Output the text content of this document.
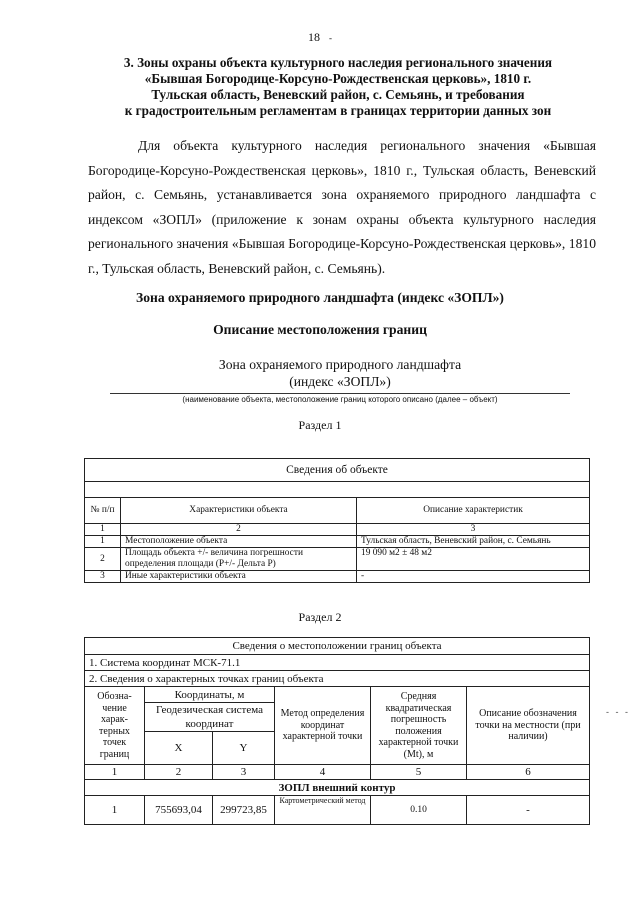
18 -
3. Зоны охраны объекта культурного наследия регионального значения
«Бывшая Богородице-Корсуно-Рождественская церковь», 1810 г.
Тульская область, Веневский район, с. Семьянь, и требования
к градостроительным регламентам в границах территории данных зон

Для объекта культурного наследия регионального значения «Бывшая Богородице-Корсуно-Рождественская церковь», 1810 г., Тульская область, Веневский район, с. Семьянь, устанавливается зона охраняемого природного ландшафта с индексом «ЗОПЛ» (приложение к зонам охраны объекта культурного наследия регионального значения «Бывшая Богородице-Корсуно-Рождественская церковь», 1810 г., Тульская область, Веневский район, с. Семьянь).

Зона охраняемого природного ландшафта (индекс «ЗОПЛ»)
Описание местоположения границ
Зона охраняемого природного ландшафта
(индекс «ЗОПЛ»)
(наименование объекта, местоположение границ которого описано (далее – объект)
Раздел 1
Сведения об объекте		

№ п/п	Характеристики объекта	Описание характеристик
1	2	3
1	Местоположение объекта	Тульская область, Веневский район, с. Семьянь
2	Площадь объекта +/- величина погрешности определения площади (Р+/- Дельта Р)	19 090 м2 ± 48 м2
3	Иные характеристики объекта	-
Раздел 2
Сведения о местоположении границ объекта					
1. Система координат МСК-71.1					
2. Сведения о характерных точках границ объекта					
Обозна-чение харак-терных точек границ	Координаты, м		Метод определения координат характерной точки	Средняя квадратическая погрешность положения характерной точки (Мt), м	Описание обозначения точки на местности (при наличии)
	Геодезическая система координат				
	X	Y			
1	2	3	4	5	6
ЗОПЛ внешний контур					
1	755693,04	299723,85	Картометрический метод	0.10	-
- - -
